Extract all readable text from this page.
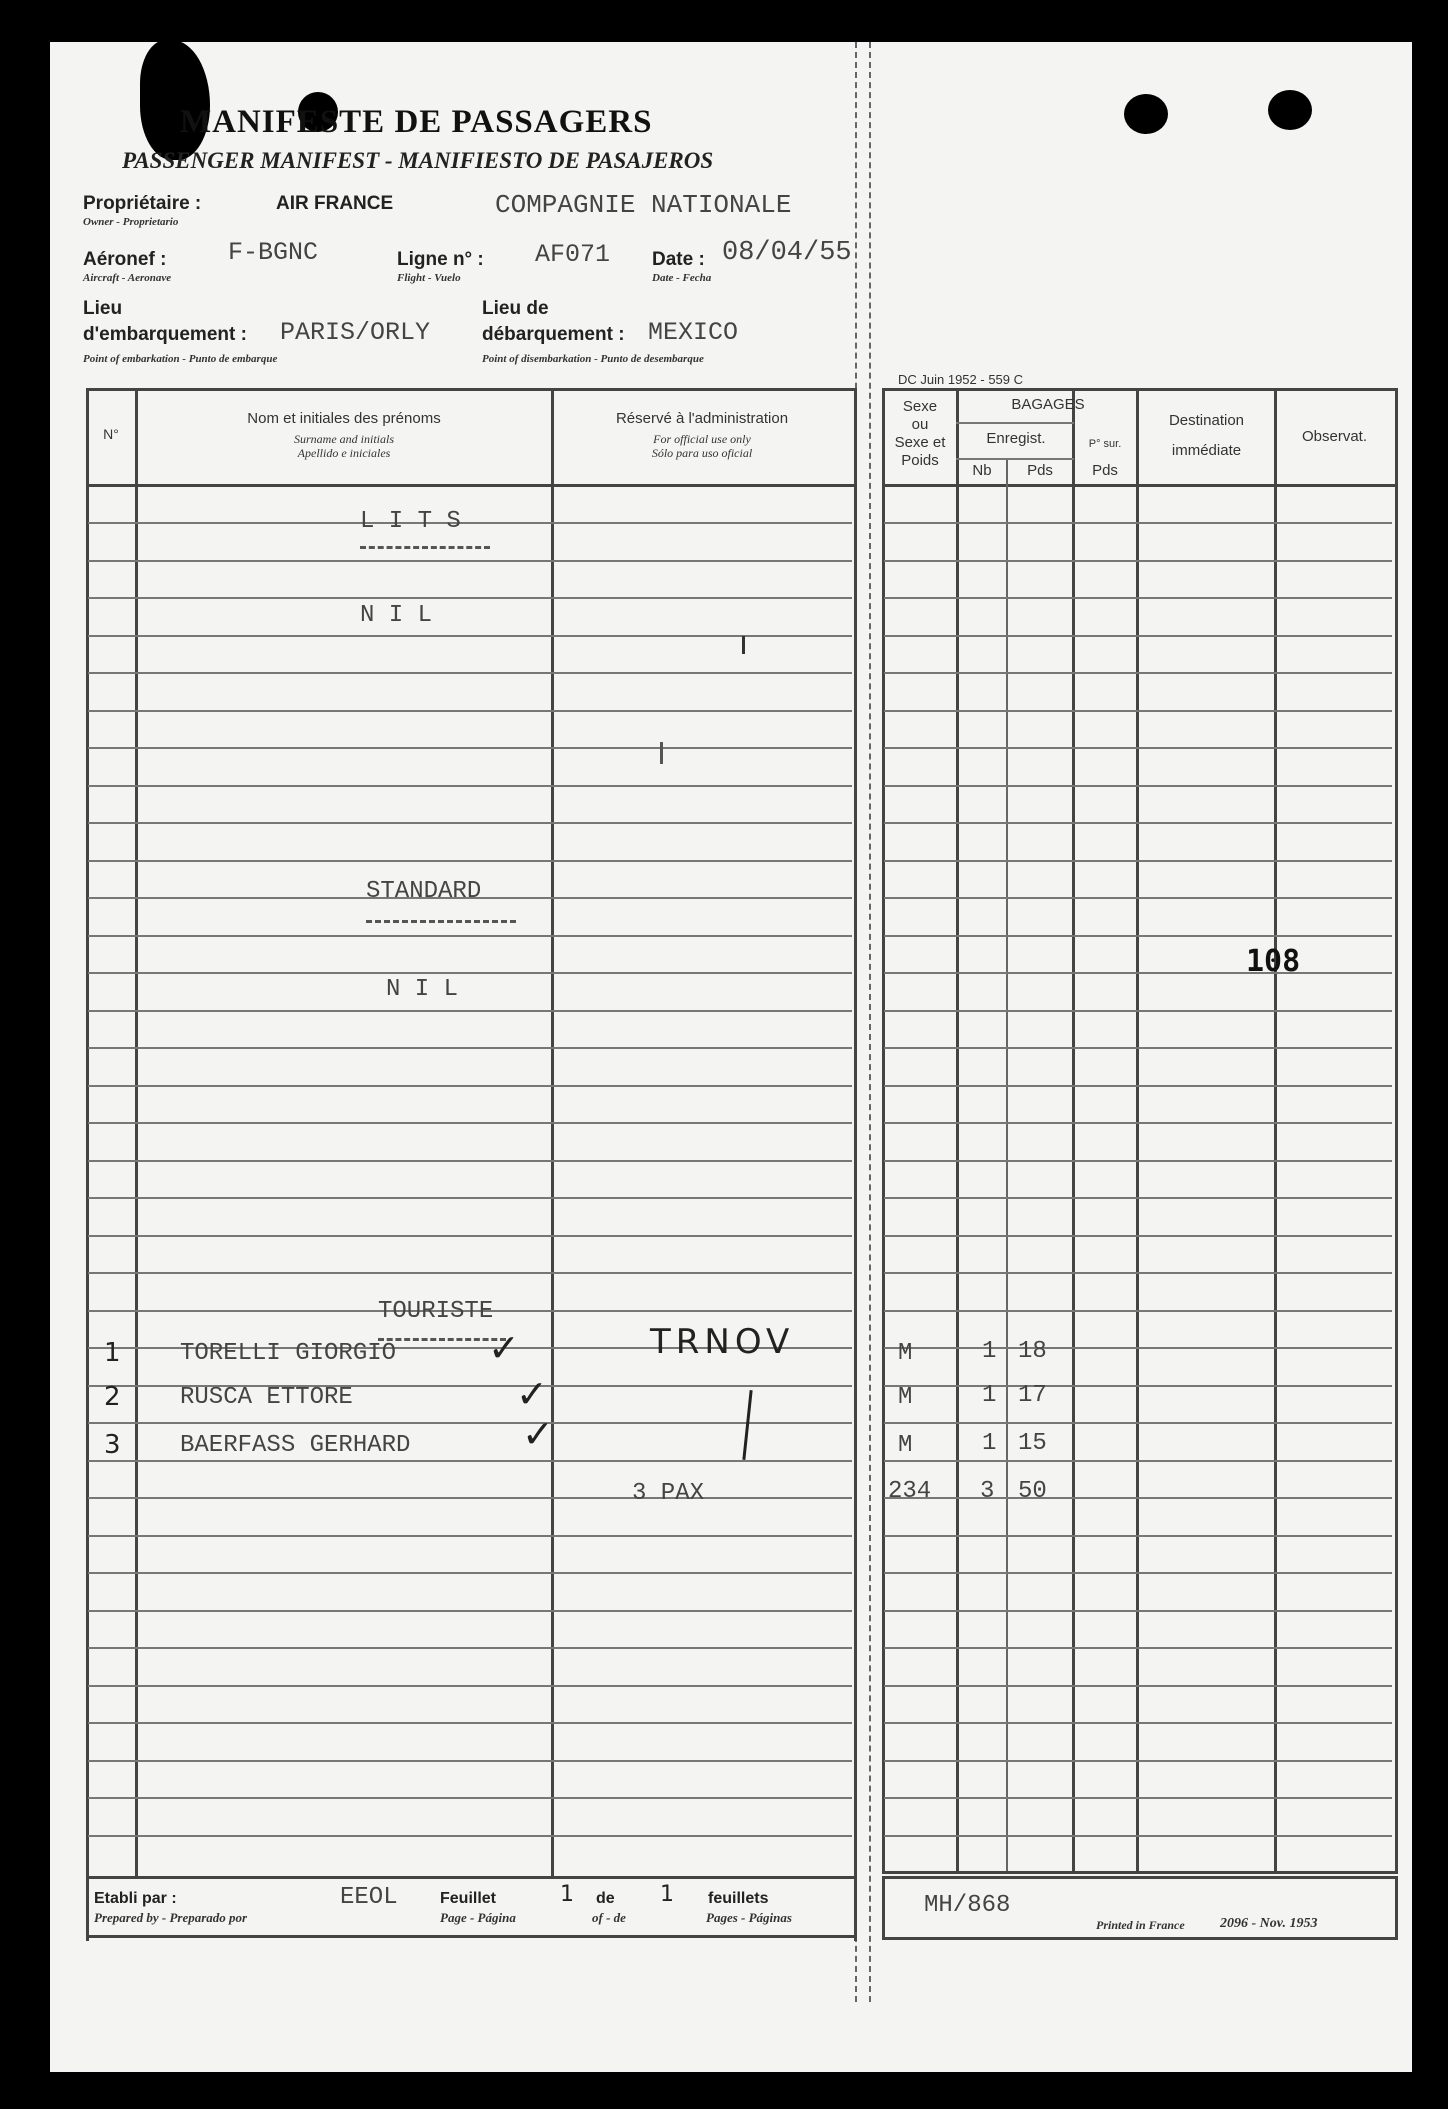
MANIFESTE DE PASSAGERS
PASSENGER MANIFEST - MANIFIESTO DE PASAJEROS
Propriétaire :
Owner - Proprietario
AIR FRANCE	COMPAGNIE NATIONALE
Aéronef :
Aircraft - Aeronave
F-BGNC	Ligne n° :
Flight - Vuelo
AF071 Date :
Date - Fecha
08/04/55
Lieu
d'embarquement :
Point of embarkation - Punto de embarque
PARIS/ORLY
Lieu de
débarquement :
Point of disembarkation - Punto de desembarque
MEXICO
DC Juin 1952 - 559 C
N°
Nom et initiales des prénoms
Surname and initials
Apellido e iniciales
Réservé à l'administration
For official use only
Sólo para uso oficial
Sexe
ou
Sexe et
Poids
BAGAGES
Enregist.
Nb	Pds
P° sur.
Pds
Destination
immédiate
Observat.
L I T S
N I L
STANDARD
N I L
108
TOURISTE
1 TORELLI GIORGIO	M	1 18
2 RUSCA ETTORE	M	1 17
3 BAERFASS GERHARD	M	1 15
TRNOV
✓
✓
✓
3 PAX	234 3 50
Etabli par :
Prepared by - Preparado por
EEOL	Feuillet
Page - Página
1 de
of - de
1 feuillets
Pages - Páginas	MH/868
Printed in France	2096 - Nov. 1953
